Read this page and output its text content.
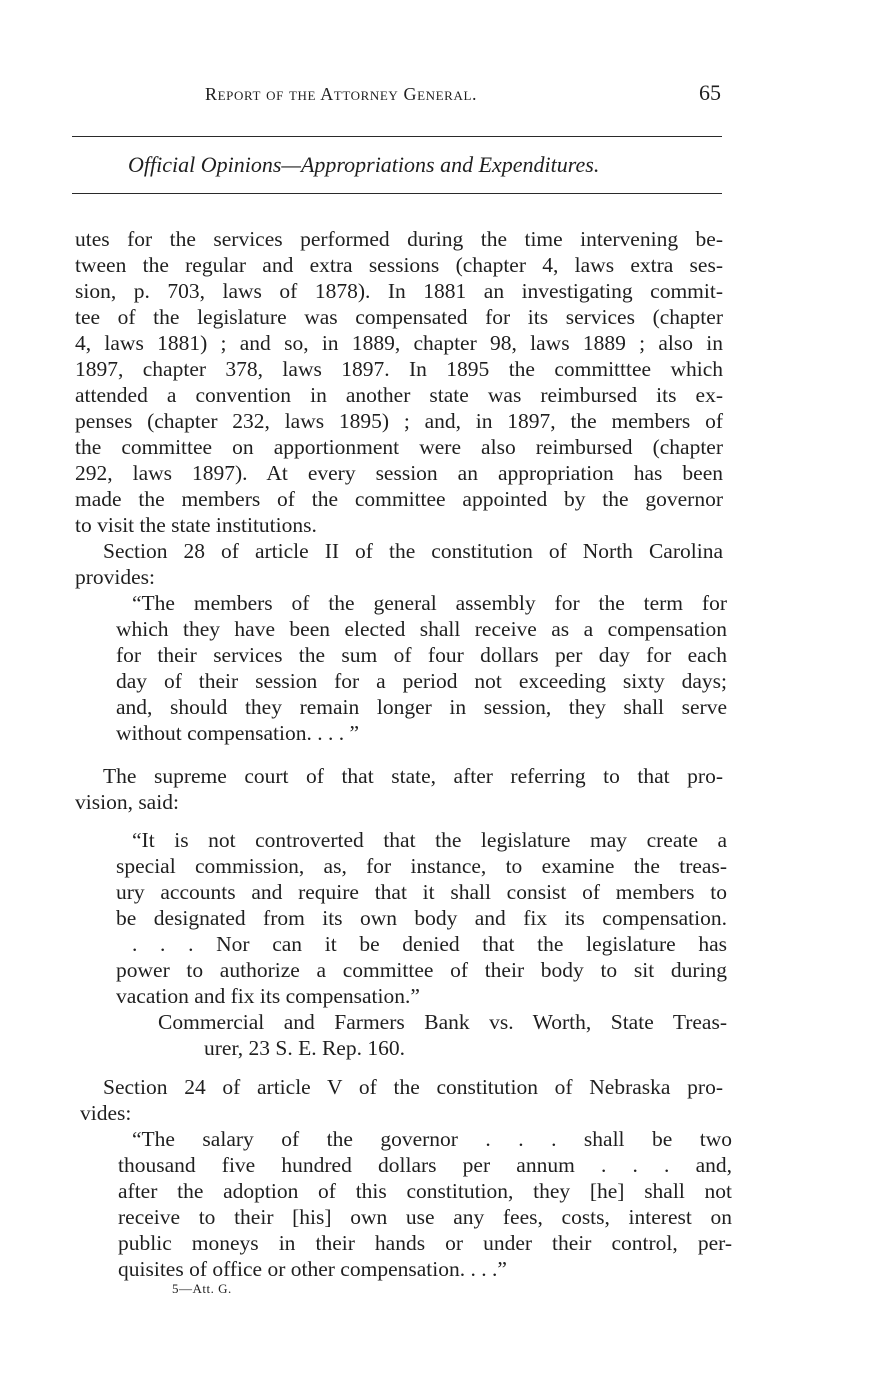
Report of the Attorney General.	65
Official Opinions—Appropriations and Expenditures.
utes for the services performed during the time intervening be-
tween the regular and extra sessions (chapter 4, laws extra ses-
sion, p. 703, laws of 1878). In 1881 an investigating commit-
tee of the legislature was compensated for its services (chapter
4, laws 1881) ; and so, in 1889, chapter 98, laws 1889 ; also in
1897, chapter 378, laws 1897. In 1895 the committtee which
attended a convention in another state was reimbursed its ex-
penses (chapter 232, laws 1895) ; and, in 1897, the members of
the committee on apportionment were also reimbursed (chapter
292, laws 1897). At every session an appropriation has been
made the members of the committee appointed by the governor
to visit the state institutions.
Section 28 of article II of the constitution of North Carolina
provides:
“The members of the general assembly for the term for
which they have been elected shall receive as a compensation
for their services the sum of four dollars per day for each
day of their session for a period not exceeding sixty days;
and, should they remain longer in session, they shall serve
without compensation. . . . ”
The supreme court of that state, after referring to that pro-
vision, said:
“It is not controverted that the legislature may create a
special commission, as, for instance, to examine the treas-
ury accounts and require that it shall consist of members to
be designated from its own body and fix its compensation.
. . . Nor can it be denied that the legislature has
power to authorize a committee of their body to sit during
vacation and fix its compensation.”
Commercial and Farmers Bank vs. Worth, State Treas-
urer, 23 S. E. Rep. 160.
Section 24 of article V of the constitution of Nebraska pro-
vides:
“The salary of the governor . . . shall be two
thousand five hundred dollars per annum . . . and,
after the adoption of this constitution, they [he] shall not
receive to their [his] own use any fees, costs, interest on
public moneys in their hands or under their control, per-
quisites of office or other compensation. . . .”
5—Att. G.
